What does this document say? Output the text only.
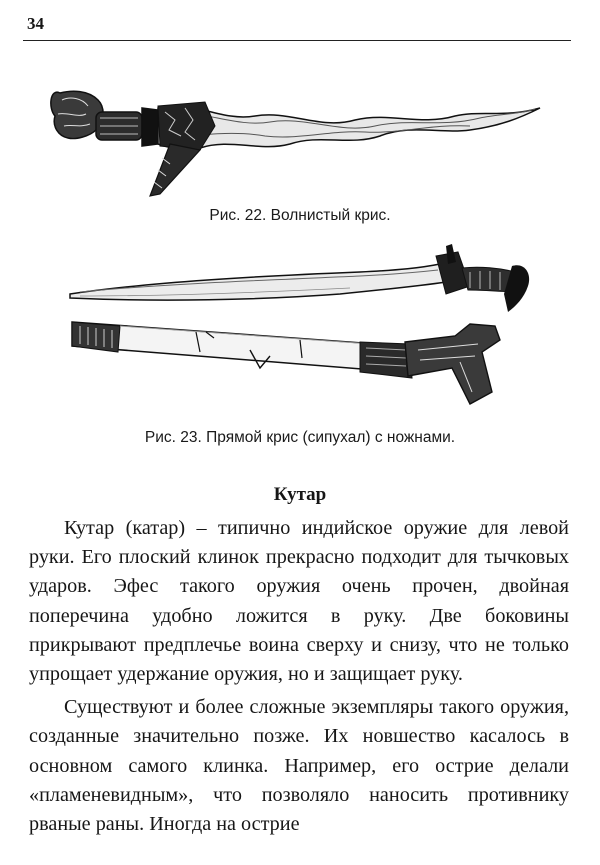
34
Рис. 22. Волнистый крис.
Рис. 23. Прямой крис (сипухал) с ножнами.
Кутар

Кутар (катар) – типично индийское оружие для левой руки. Его плоский клинок прекрасно подходит для тычковых ударов. Эфес такого оружия очень прочен, двойная поперечина удобно ложится в руку. Две боковины прикрывают предплечье воина сверху и снизу, что не только упрощает удержание оружия, но и защищает руку.

Существуют и более сложные экземпляры такого оружия, созданные значительно позже. Их новшество касалось в основном самого клинка. Например, его острие делали «пламеневидным», что позволяло наносить противнику рваные раны. Иногда на острие
